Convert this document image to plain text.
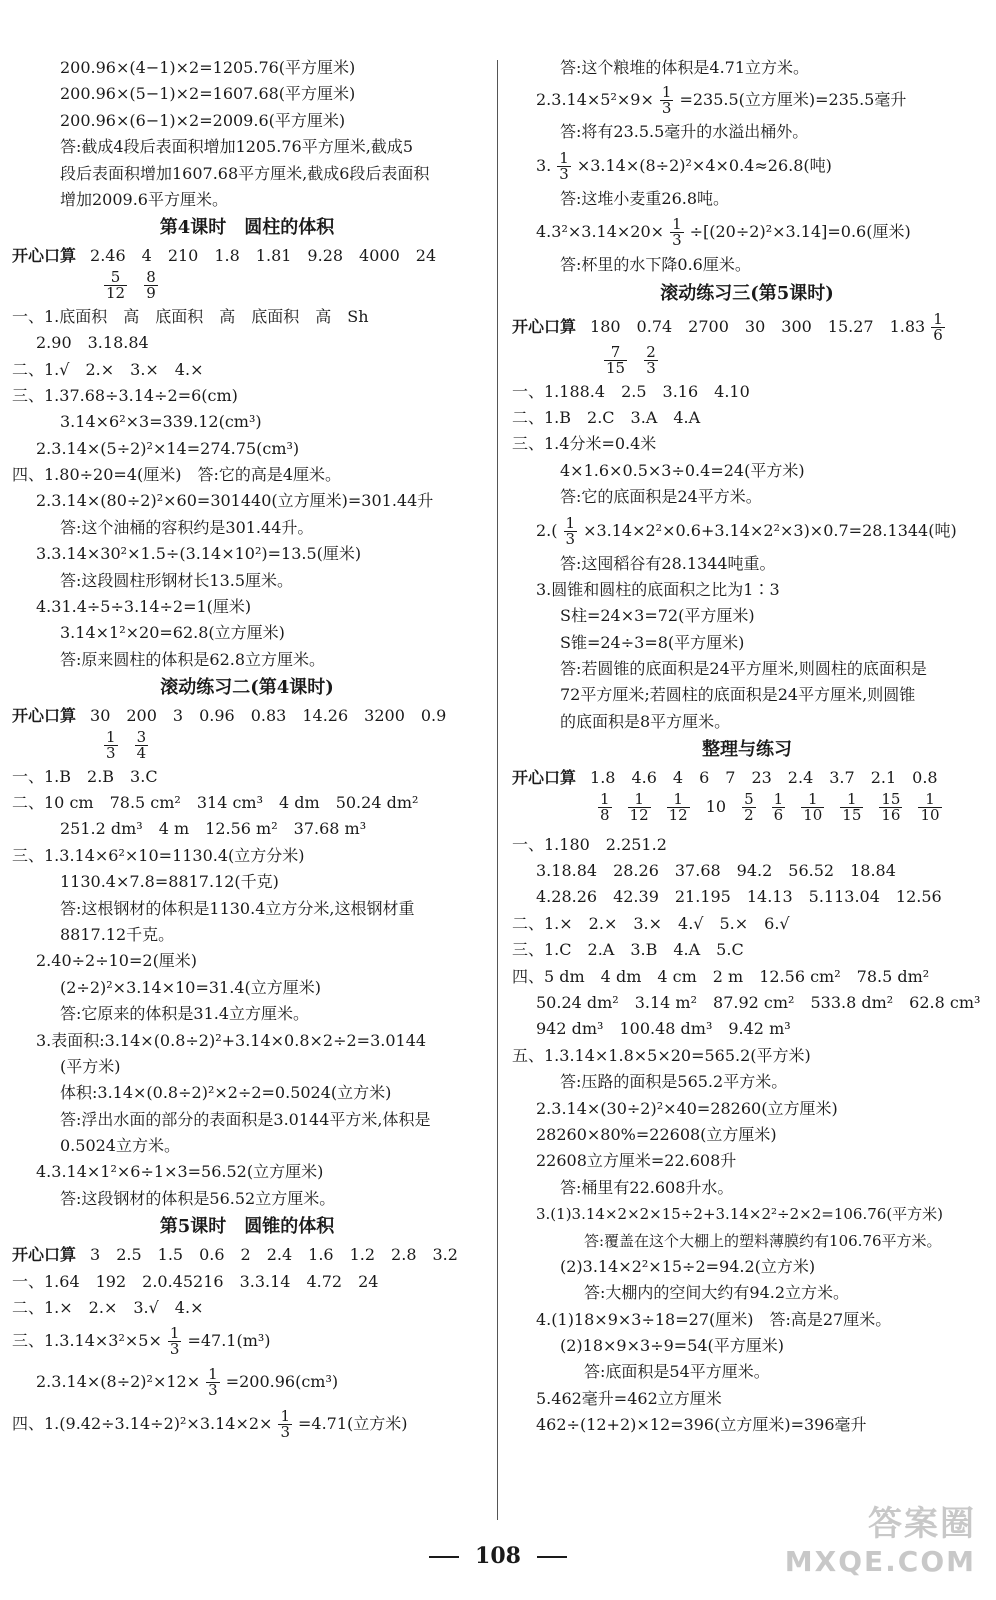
200.96×(4−1)×2=1205.76(平方厘米)
200.96×(5−1)×2=1607.68(平方厘米)
200.96×(6−1)×2=2009.6(平方厘米)
答:截成4段后表面积增加1205.76平方厘米,截成5
段后表面积增加1607.68平方厘米,截成6段后表面积
增加2009.6平方厘米。
第4课时　圆柱的体积
开心口算 2.46　4　210　1.8　1.81　9.28　4000　24
$\frac{5}{12}$
$\frac{8}{9}$
一、1.底面积　高　底面积　高　底面积　高　Sh
2.90　3.18.84
二、1.√　2.×　3.×　4.×
三、1.37.68÷3.14÷2=6(cm)
3.14×6²×3=339.12(cm³)
2.3.14×(5÷2)²×14=274.75(cm³)
四、1.80÷20=4(厘米)　答:它的高是4厘米。
2.3.14×(80÷2)²×60=301440(立方厘米)=301.44升
答:这个油桶的容积约是301.44升。
3.3.14×30²×1.5÷(3.14×10²)=13.5(厘米)
答:这段圆柱形钢材长13.5厘米。
4.31.4÷5÷3.14÷2=1(厘米)
3.14×1²×20=62.8(立方厘米)
答:原来圆柱的体积是62.8立方厘米。
滚动练习二(第4课时)
开心口算 30　200　3　0.96　0.83　14.26　3200　0.9
$\frac{1}{3}$
$\frac{3}{4}$
一、1.B　2.B　3.C
二、10 cm　78.5 cm²　314 cm³　4 dm　50.24 dm²
251.2 dm³　4 m　12.56 m²　37.68 m³
三、1.3.14×6²×10=1130.4(立方分米)
1130.4×7.8=8817.12(千克)
答:这根钢材的体积是1130.4立方分米,这根钢材重
8817.12千克。
2.40÷2÷10=2(厘米)
(2÷2)²×3.14×10=31.4(立方厘米)
答:它原来的体积是31.4立方厘米。
3.表面积:3.14×(0.8÷2)²+3.14×0.8×2÷2=3.0144
(平方米)
体积:3.14×(0.8÷2)²×2÷2=0.5024(立方米)
答:浮出水面的部分的表面积是3.0144平方米,体积是
0.5024立方米。
4.3.14×1²×6÷1×3=56.52(立方厘米)
答:这段钢材的体积是56.52立方厘米。
第5课时　圆锥的体积
开心口算 3　2.5　1.5　0.6　2　2.4　1.6　1.2　2.8　3.2
一、1.64　192　2.0.45216　3.3.14　4.72　24
二、1.×　2.×　3.√　4.×
三、$1.3.14\times 3^2\times 5\times \frac{1}{3} =47.1(m^3)$
$2.3.14\times(8\div 2)^2\times 12\times \frac{1}{3} =200.96(cm^3)$
四、$1.(9.42\div 3.14\div 2)^2\times 3.14\times 2\times \frac{1}{3} =4.71$(立方米)
答:这个粮堆的体积是4.71立方米。
$2.3.14\times 5^2\times 9\times \frac{1}{3} =235.5$(立方厘米)=235.5毫升
答:将有23.5.5毫升的水溢出桶外。
3. $\frac{1}{3} \times 3.14\times(8\div 2)^2\times 4\times 0.4\approx 26.8$(吨)
答:这堆小麦重26.8吨。
$4.3^2\times 3.14\times 20\times \frac{1}{3} \div[(20\div 2)^2\times 3.14]=0.6$(厘米)
答:杯里的水下降0.6厘米。
滚动练习三(第5课时)
开心口算 180　0.74　2700　30　300　15.27　$1.83 \frac{1}{6}$
$\frac{7}{15}$
$\frac{2}{3}$
一、1.188.4　2.5　3.16　4.10
二、1.B　2.C　3.A　4.A
三、1.4分米=0.4米
4×1.6×0.5×3÷0.4=24(平方米)
答:它的底面积是24平方米。
$2.( \frac{1}{3} \times 3.14\times 2^2\times 0.6+3.14\times 2^2\times 3)\times 0.7=28.1344$(吨)
答:这囤稻谷有28.1344吨重。
3.圆锥和圆柱的底面积之比为1∶3
S柱=24×3=72(平方厘米)
S锥=24÷3=8(平方厘米)
答:若圆锥的底面积是24平方厘米,则圆柱的底面积是
72平方厘米;若圆柱的底面积是24平方厘米,则圆锥
的底面积是8平方厘米。
整理与练习
开心口算 1.8　4.6　4　6　7　23　2.4　3.7　2.1　0.8
$\frac{1}{8} \frac{1}{12} \frac{1}{12} 10 \frac{5}{2} \frac{1}{6} \frac{1}{10} \frac{1}{15} \frac{15}{16} \frac{1}{10}$
一、1.180　2.251.2
3.18.84　28.26　37.68　94.2　56.52　18.84
4.28.26　42.39　21.195　14.13　5.113.04　12.56
二、1.×　2.×　3.×　4.√　5.×　6.√
三、1.C　2.A　3.B　4.A　5.C
四、5 dm　4 dm　4 cm　2 m　12.56 cm²　78.5 dm²
50.24 dm²　3.14 m²　87.92 cm²　533.8 dm²　62.8 cm³
942 dm³　100.48 dm³　9.42 m³
五、1.3.14×1.8×5×20=565.2(平方米)
答:压路的面积是565.2平方米。
2.3.14×(30÷2)²×40=28260(立方厘米)
28260×80%=22608(立方厘米)
22608立方厘米=22.608升
答:桶里有22.608升水。
3.(1)3.14×2×2×15÷2+3.14×2²÷2×2=106.76(平方米)
答:覆盖在这个大棚上的塑料薄膜约有106.76平方米。
(2)3.14×2²×15÷2=94.2(立方米)
答:大棚内的空间大约有94.2立方米。
4.(1)18×9×3÷18=27(厘米)　答:高是27厘米。
(2)18×9×3÷9=54(平方厘米)
答:底面积是54平方厘米。
5.462毫升=462立方厘米
462÷(12+2)×12=396(立方厘米)=396毫升
108
答案圈
MXQE.COM
